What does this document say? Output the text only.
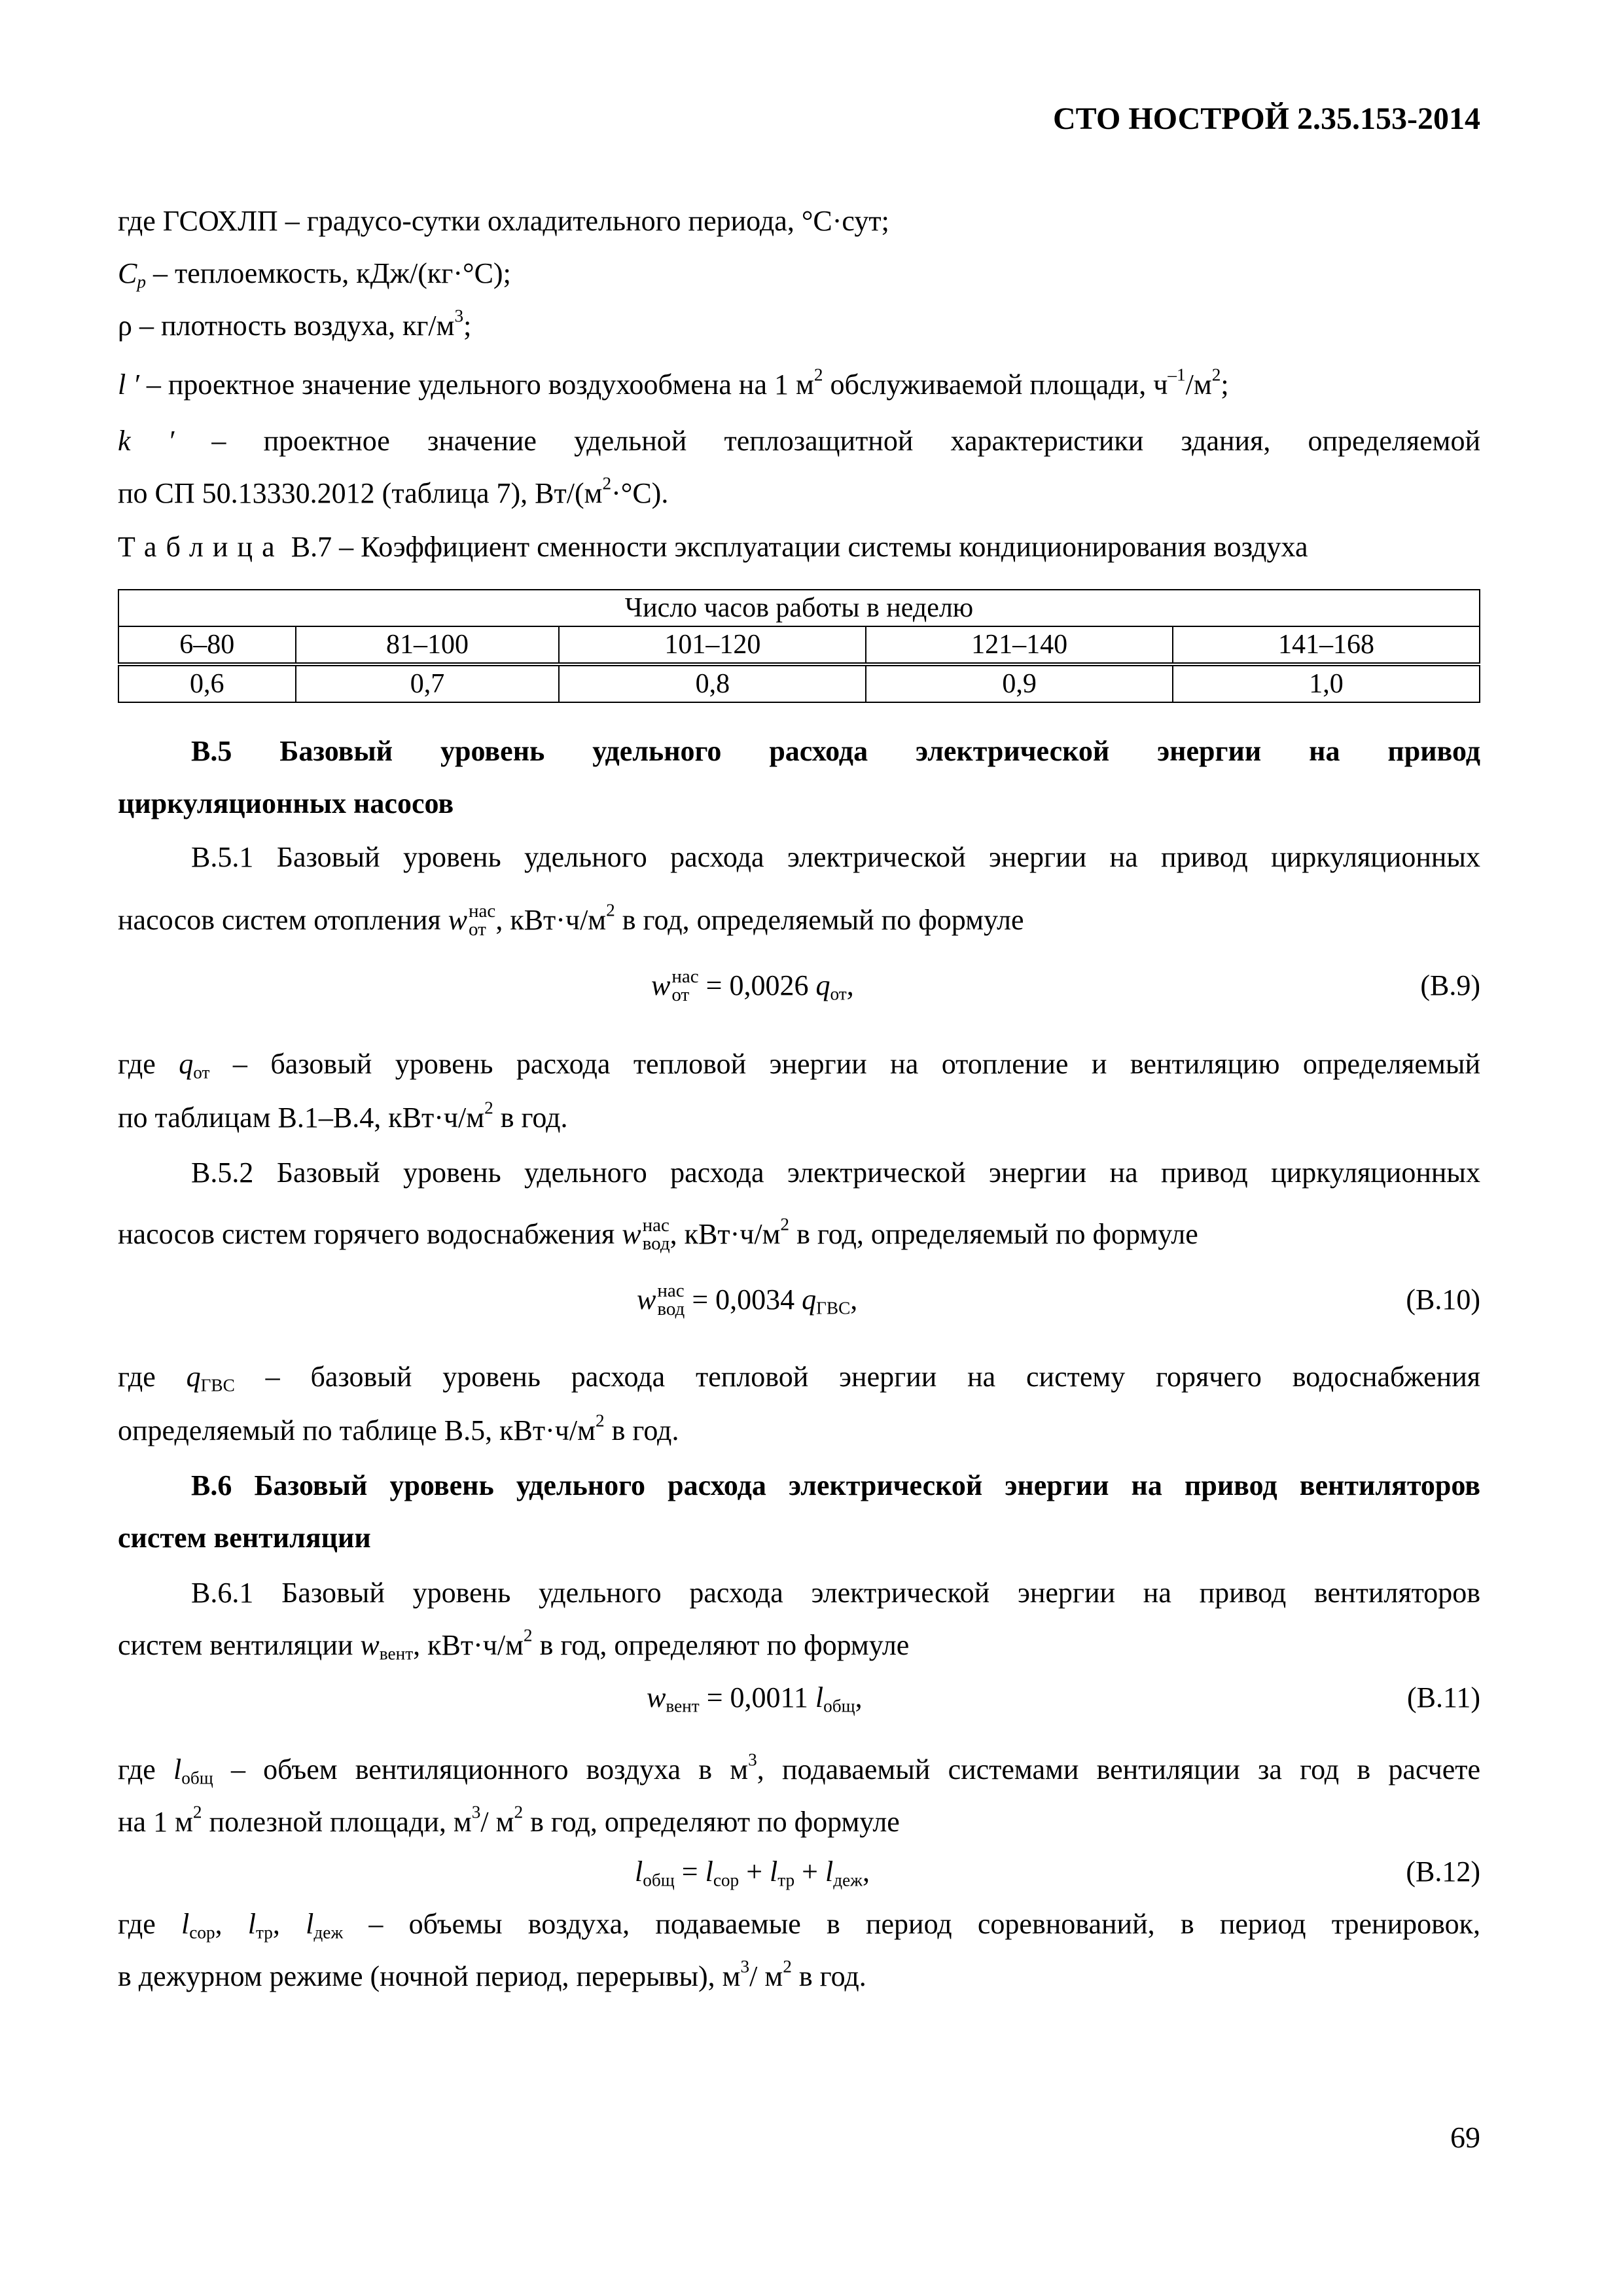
СТО НОСТРОЙ 2.35.153-2014
где ГСОХЛП – градусо-сутки охладительного периода, °С·сут;
$C_p$ – теплоемкость, кДж/(кг·°С);
ρ – плотность воздуха, $кг/м^3$;
l ′ – проектное значение удельного воздухообмена на 1 $м^2$ обслуживаемой площади, $ч^{-1}/м^2$;
k ′ – проектное значение удельной теплозащитной характеристики здания, определяемой
по СП 50.13330.2012 (таблица 7), $Вт/(м^2\cdot^\circ С)$.
Таблица В.7 – Коэффициент сменности эксплуатации системы кондиционирования воздуха
Число часов работы в неделю				
6–80	81–100	101–120	121–140	141–168
0,6	0,7	0,8	0,9	1,0
В.5 Базовый уровень удельного расхода электрической энергии на привод
циркуляционных насосов
В.5.1 Базовый уровень удельного расхода электрической энергии на привод циркуляционных
насосов систем отопления w нас
от , $кВт\cdot ч/м^2$ в год, определяемый по формуле
w нас
от = 0,0026 $q_{от}$,	(В.9)
где $q_{от}$ – базовый уровень расхода тепловой энергии на отопление и вентиляцию определяемый
по таблицам В.1–В.4, $кВт\cdot ч/м^2$ в год.
В.5.2 Базовый уровень удельного расхода электрической энергии на привод циркуляционных
насосов систем горячего водоснабжения w нас
вод , $кВт\cdot ч/м^2$ в год, определяемый по формуле
w нас
вод = 0,0034 $q_{ГВС}$,	(В.10)
где $q_{ГВС}$ – базовый уровень расхода тепловой энергии на систему горячего водоснабжения
определяемый по таблице В.5, $кВт\cdot ч/м^2$ в год.
В.6 Базовый уровень удельного расхода электрической энергии на привод вентиляторов
систем вентиляции
В.6.1 Базовый уровень удельного расхода электрической энергии на привод вентиляторов
систем вентиляции $w_{вент}$, $кВт\cdot ч/м^2$ в год, определяют по формуле
$w_{вент} = 0,0011$ $l_{общ}$,	(В.11)
где $l_{общ}$ – объем вентиляционного воздуха в $м^3$, подаваемый системами вентиляции за год в расчете
на 1 $м^2$ полезной площади, $м^3/$ $м^2$ в год, определяют по формуле
$l_{общ} = l_{сор} + l_{тр} + l_{деж}$,	(В.12)
где $l_{сор}$, $l_{тр}$, $l_{деж}$ – объемы воздуха, подаваемые в период соревнований, в период тренировок,
в дежурном режиме (ночной период, перерывы), $м^3/$ $м^2$ в год.
69
